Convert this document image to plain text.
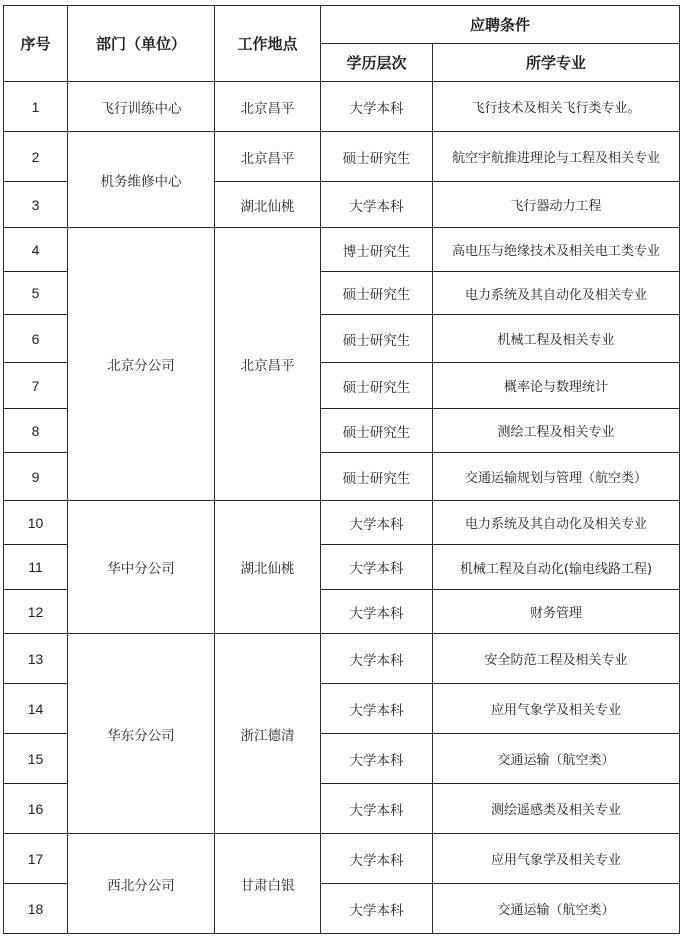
序号	部门（单位）	工作地点	应聘条件	
			学历层次	所学专业
1	飞行训练中心	北京昌平	大学本科	飞行技术及相关飞行类专业。
2	机务维修中心	北京昌平	硕士研究生	航空宇航推进理论与工程及相关专业
3		湖北仙桃	大学本科	飞行器动力工程
4	北京分公司	北京昌平	博士研究生	高电压与绝缘技术及相关电工类专业
5			硕士研究生	电力系统及其自动化及相关专业
6			硕士研究生	机械工程及相关专业
7			硕士研究生	概率论与数理统计
8			硕士研究生	测绘工程及相关专业
9			硕士研究生	交通运输规划与管理（航空类）
10	华中分公司	湖北仙桃	大学本科	电力系统及其自动化及相关专业
11			大学本科	机械工程及自动化(输电线路工程)
12			大学本科	财务管理
13	华东分公司	浙江德清	大学本科	安全防范工程及相关专业
14			大学本科	应用气象学及相关专业
15			大学本科	交通运输（航空类）
16			大学本科	测绘遥感类及相关专业
17	西北分公司	甘肃白银	大学本科	应用气象学及相关专业
18			大学本科	交通运输（航空类）
